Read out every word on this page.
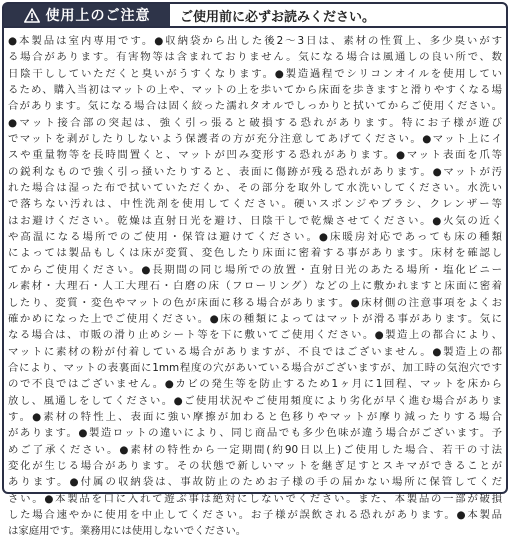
使用上のご注意 ご使用前に必ずお読みください。
●本製品は室内専用です。●収納袋から出した後2〜3日は、素材の性質上、多少臭いがす
る場合があります。有害物等は含まれておりません。気になる場合は風通しの良い所で、数
日陰干ししていただくと臭いがうすくなります。●製造過程でシリコンオイルを使用してい
るため、購入当初はマットの上や、マットの上を歩いてから床面を歩きますと滑りやすくなる場
合があります。気になる場合は固く絞った濡れタオルでしっかりと拭いてからご使用ください。
●マット接合部の突起は、強く引っ張ると破損する恐れがあります。特にお子様が遊び
でマットを剥がしたりしないよう保護者の方が充分注意してあげてください。●マット上にイ
スや重量物等を長時間置くと、マットが凹み変形する恐れがあります。●マット表面を爪等
の鋭利なもので強く引っ掻いたりすると、表面に傷跡が残る恐れがあります。●マットが汚
れた場合は湿った布で拭いていただくか、その部分を取外して水洗いしてください。水洗い
で落ちない汚れは、中性洗剤を使用してください。硬いスポンジやブラシ、クレンザー等
はお避けください。乾燥は直射日光を避け、日陰干しで乾燥させてください。●火気の近く
や高温になる場所でのご使用・保管は避けてください。●床暖房対応であっても床の種類
によっては製品もしくは床が変質、変色したり床面に密着する事があります。床材を確認し
てからご使用ください。●長期間の同じ場所での放置・直射日光のあたる場所・塩化ビニー
ル素材・大理石・人工大理石・白磨の床（フローリング）などの上に敷かれますと床面に密着
したり、変質・変色やマットの色が床面に移る場合があります。●床材側の注意事項をよくお
確かめになった上でご使用ください。●床の種類によってはマットが滑る事があります。気に
なる場合は、市販の滑り止めシート等を下に敷いてご使用ください。●製造上の都合により、
マットに素材の粉が付着している場合がありますが、不良ではございません。●製造上の都
合により、マットの表裏面に1mm程度の穴があいている場合がございますが、加工時の気泡穴です
ので不良ではございません。●カビの発生等を防止するため1ヶ月に1回程、マットを床から
放し、風通しをしてください。●ご使用状況やご使用頻度により劣化が早く進む場合がありま
す。●素材の特性上、表面に強い摩擦が加わると色移りやマットが摩り減ったりする場合
があります。●製造ロットの違いにより、同じ商品でも多少色味が違う場合がございます。予
めご了承ください。●素材の特性から一定期間(約90日以上)ご使用した場合、若干の寸法
変化が生じる場合があります。その状態で新しいマットを継ぎ足すとスキマができることが
あります。●付属の収納袋は、事故防止のためお子様の手の届かない場所に保管してくだ
さい。●本製品を口に入れて遊ぶ事は絶対にしないでください。また、本製品の一部が破損
した場合速やかに使用を中止してください。お子様が誤飲される恐れがあります。●本製品
は家庭用です。業務用には使用しないでください。
